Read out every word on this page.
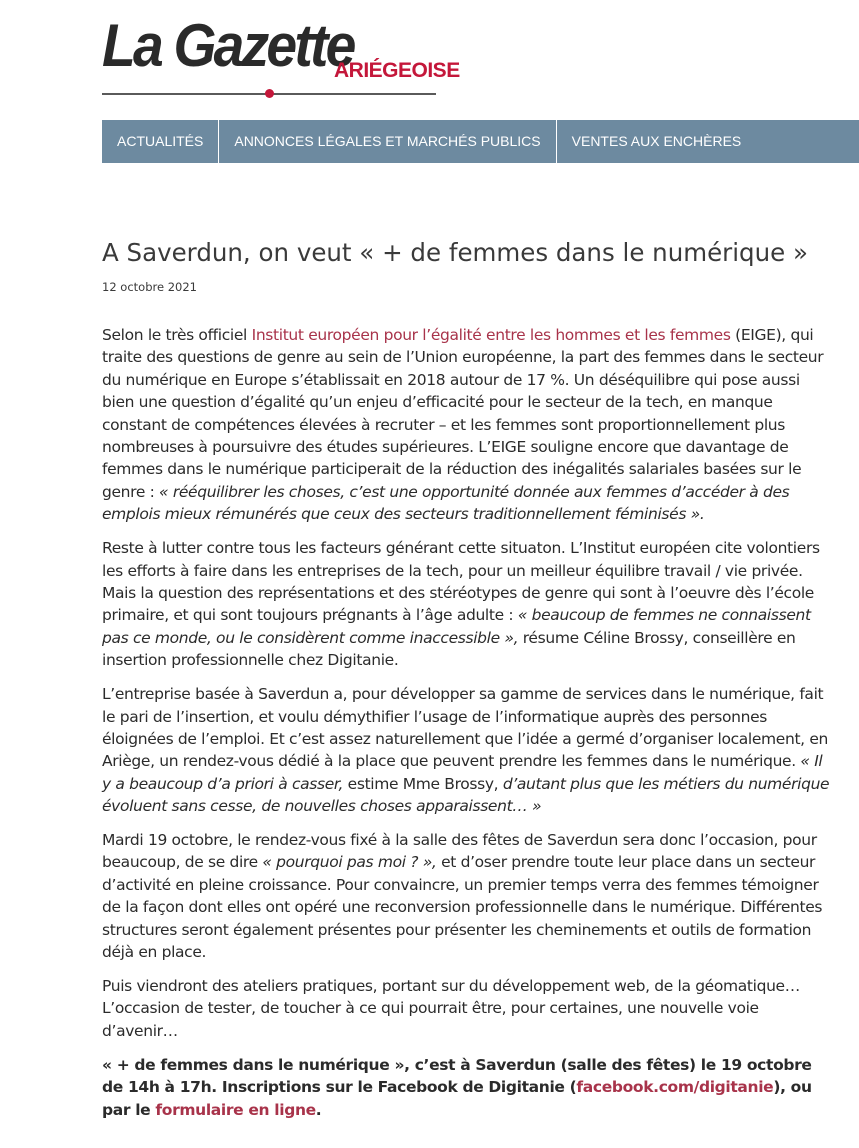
La Gazette
ARIÉGEOISE
ACTUALITÉS	ANNONCES LÉGALES ET MARCHÉS PUBLICS	VENTES AUX ENCHÈRES
A Saverdun, on veut « + de femmes dans le numérique »
12 octobre 2021

Selon le très officiel Institut européen pour l’égalité entre les hommes et les femmes (EIGE), qui traite des questions de genre au sein de l’Union européenne, la part des femmes dans le secteur du numérique en Europe s’établissait en 2018 autour de 17 %. Un déséquilibre qui pose aussi bien une question d’égalité qu’un enjeu d’efficacité pour le secteur de la tech, en manque constant de compétences élevées à recruter – et les femmes sont proportionnellement plus nombreuses à poursuivre des études supérieures. L’EIGE souligne encore que davantage de femmes dans le numérique participerait de la réduction des inégalités salariales basées sur le genre : « rééquilibrer les choses, c’est une opportunité donnée aux femmes d’accéder à des emplois mieux rémunérés que ceux des secteurs traditionnellement féminisés ».

Reste à lutter contre tous les facteurs générant cette situaton. L’Institut européen cite volontiers les efforts à faire dans les entreprises de la tech, pour un meilleur équilibre travail / vie privée. Mais la question des représentations et des stéréotypes de genre qui sont à l’oeuvre dès l’école primaire, et qui sont toujours prégnants à l’âge adulte : « beaucoup de femmes ne connaissent pas ce monde, ou le considèrent comme inaccessible », résume Céline Brossy, conseillère en insertion professionnelle chez Digitanie.

L’entreprise basée à Saverdun a, pour développer sa gamme de services dans le numérique, fait le pari de l’insertion, et voulu démythifier l’usage de l’informatique auprès des personnes éloignées de l’emploi. Et c’est assez naturellement que l’idée a germé d’organiser localement, en Ariège, un rendez-vous dédié à la place que peuvent prendre les femmes dans le numérique. « Il y a beaucoup d’a priori à casser, estime Mme Brossy, d’autant plus que les métiers du numérique évoluent sans cesse, de nouvelles choses apparaissent… »

Mardi 19 octobre, le rendez-vous fixé à la salle des fêtes de Saverdun sera donc l’occasion, pour beaucoup, de se dire « pourquoi pas moi ? », et d’oser prendre toute leur place dans un secteur d’activité en pleine croissance. Pour convaincre, un premier temps verra des femmes témoigner de la façon dont elles ont opéré une reconversion professionnelle dans le numérique. Différentes structures seront également présentes pour présenter les cheminements et outils de formation déjà en place.

Puis viendront des ateliers pratiques, portant sur du développement web, de la géomatique… L’occasion de tester, de toucher à ce qui pourrait être, pour certaines, une nouvelle voie d’avenir…

« + de femmes dans le numérique », c’est à Saverdun (salle des fêtes) le 19 octobre de 14h à 17h. Inscriptions sur le Facebook de Digitanie (facebook.com/digitanie), ou par le formulaire en ligne.
